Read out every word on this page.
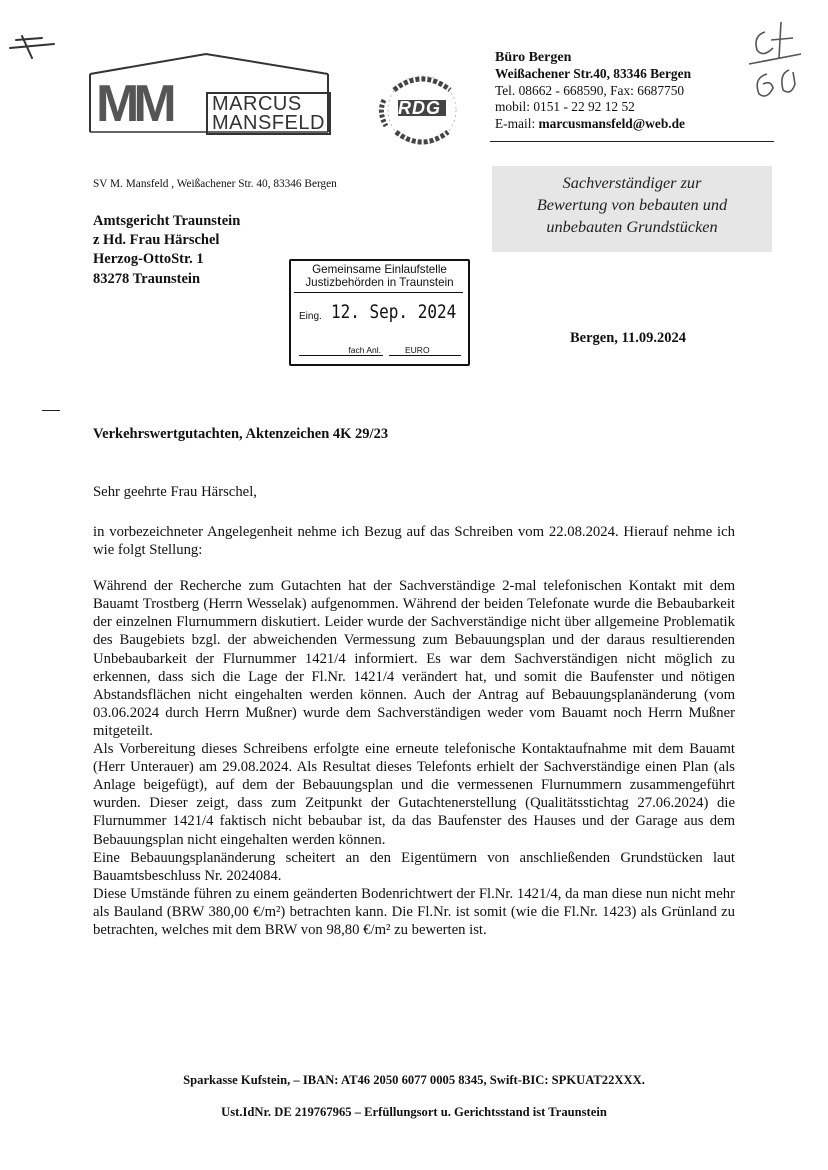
MM MARCUS
MANSFELD
RDG
Büro Bergen
Weißachener Str.40, 83346 Bergen
Tel. 08662 - 668590, Fax: 6687750
mobil: 0151 - 22 92 12 52
E-mail: marcusmansfeld@web.de
SV M. Mansfeld , Weißachener Str. 40, 83346 Bergen	Sachverständiger zur
Bewertung von bebauten und
unbebauten Grundstücken
Amtsgericht Traunstein
z Hd. Frau Härschel
Herzog-OttoStr. 1
83278 Traunstein
Gemeinsame Einlaufstelle
Justizbehörden in Traunstein
Eing. 12. Sep. 2024
fach Anl.	EURO
Bergen, 11.09.2024
Verkehrswertgutachten, Aktenzeichen 4K 29/23
Sehr geehrte Frau Härschel,

in vorbezeichneter Angelegenheit nehme ich Bezug auf das Schreiben vom 22.08.2024. Hierauf nehme ich wie folgt Stellung:

Während der Recherche zum Gutachten hat der Sachverständige 2-mal telefonischen Kontakt mit dem Bauamt Trostberg (Herrn Wesselak) aufgenommen. Während der beiden Telefonate wurde die Bebaubarkeit der einzelnen Flurnummern diskutiert. Leider wurde der Sachverständige nicht über allgemeine Problematik des Baugebiets bzgl. der abweichenden Vermessung zum Bebauungsplan und der daraus resultierenden Unbebaubarkeit der Flurnummer 1421/4 informiert. Es war dem Sachverständigen nicht möglich zu erkennen, dass sich die Lage der Fl.Nr. 1421/4 verändert hat, und somit die Baufenster und nötigen Abstandsflächen nicht eingehalten werden können. Auch der Antrag auf Bebauungsplanänderung (vom 03.06.2024 durch Herrn Mußner) wurde dem Sachverständigen weder vom Bauamt noch Herrn Mußner mitgeteilt.

Als Vorbereitung dieses Schreibens erfolgte eine erneute telefonische Kontaktaufnahme mit dem Bauamt (Herr Unterauer) am 29.08.2024. Als Resultat dieses Telefonts erhielt der Sachverständige einen Plan (als Anlage beigefügt), auf dem der Bebauungsplan und die vermessenen Flurnummern zusammengeführt wurden. Dieser zeigt, dass zum Zeitpunkt der Gutachtenerstellung (Qualitätsstichtag 27.06.2024) die Flurnummer 1421/4 faktisch nicht bebaubar ist, da das Baufenster des Hauses und der Garage aus dem Bebauungsplan nicht eingehalten werden können.

Eine Bebauungsplanänderung scheitert an den Eigentümern von anschließenden Grundstücken laut Bauamtsbeschluss Nr. 2024084.

Diese Umstände führen zu einem geänderten Bodenrichtwert der Fl.Nr. 1421/4, da man diese nun nicht mehr als Bauland (BRW 380,00 €/m²) betrachten kann. Die Fl.Nr. ist somit (wie die Fl.Nr. 1423) als Grünland zu betrachten, welches mit dem BRW von 98,80 €/m² zu bewerten ist.

Sparkasse Kufstein, – IBAN: AT46 2050 6077 0005 8345, Swift-BIC: SPKUAT22XXX.
Ust.IdNr. DE 219767965 – Erfüllungsort u. Gerichtsstand ist Traunstein
